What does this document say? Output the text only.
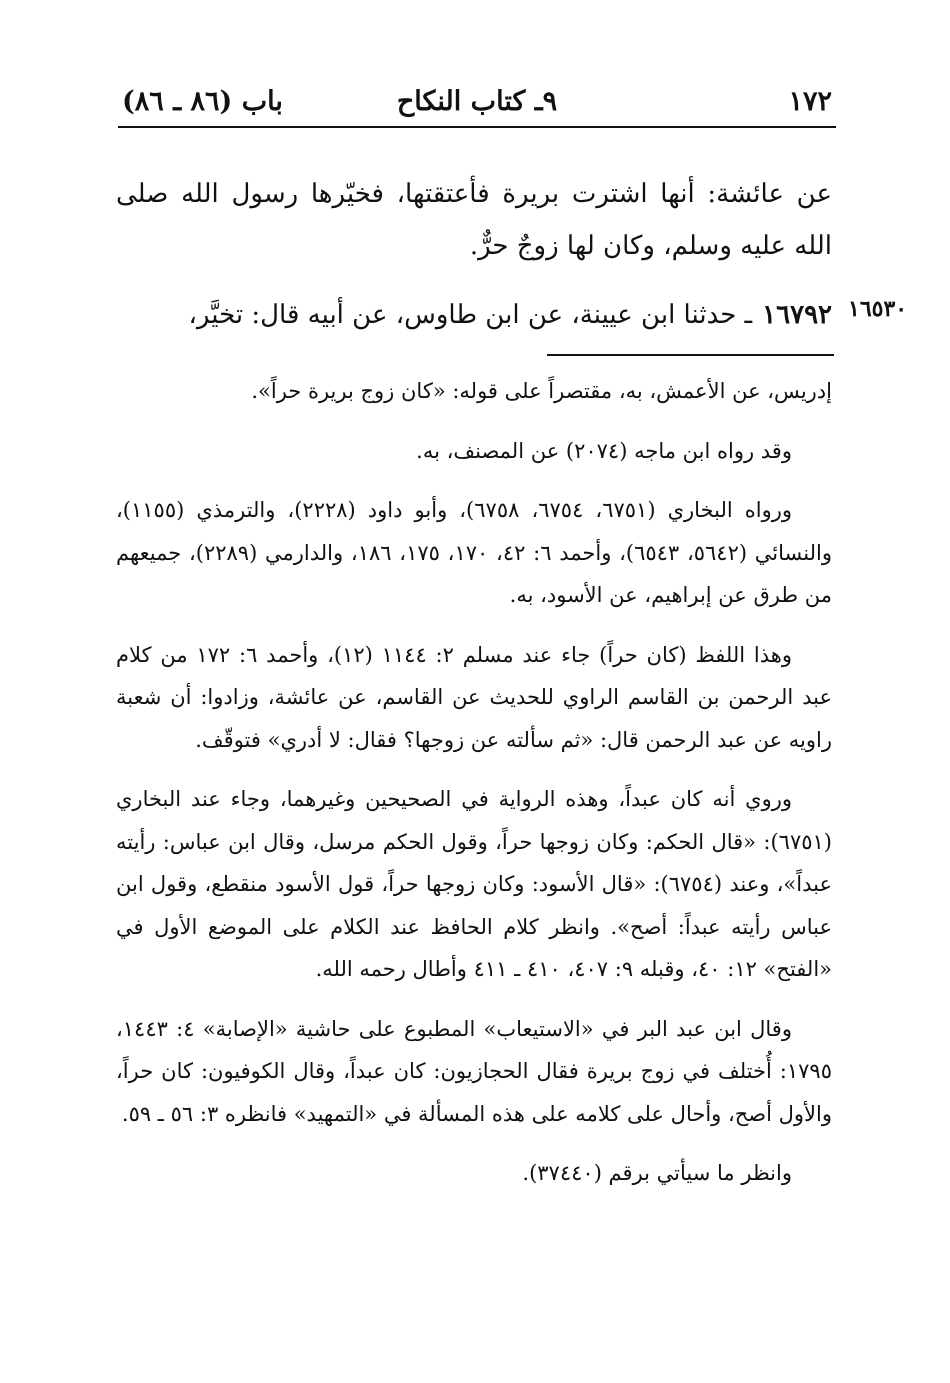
١٧٢
٩ـ كتاب النكاح
باب (٨٦ ـ ٨٦)
عن عائشة: أنها اشترت بريرة فأعتقتها، فخيّرها رسول الله صلى الله عليه وسلم، وكان لها زوجٌ حرٌّ.
١٦٧٩٢ـ حدثنا ابن عيينة، عن ابن طاوس، عن أبيه قال: تخيَّر،	١٦٥٣٠

إدريس، عن الأعمش، به، مقتصراً على قوله: «كان زوج بريرة حراً».

وقد رواه ابن ماجه (٢٠٧٤) عن المصنف، به.

ورواه البخاري (٦٧٥١، ٦٧٥٤، ٦٧٥٨)، وأبو داود (٢٢٢٨)، والترمذي (١١٥٥)، والنسائي (٥٦٤٢، ٦٥٤٣)، وأحمد ٦: ٤٢، ١٧٠، ١٧٥، ١٨٦، والدارمي (٢٢٨٩)، جميعهم من طرق عن إبراهيم، عن الأسود، به.

وهذا اللفظ (كان حراً) جاء عند مسلم ٢: ١١٤٤ (١٢)، وأحمد ٦: ١٧٢ من كلام عبد الرحمن بن القاسم الراوي للحديث عن القاسم، عن عائشة، وزادوا: أن شعبة راويه عن عبد الرحمن قال: «ثم سألته عن زوجها؟ فقال: لا أدري» فتوقّف.

وروي أنه كان عبداً، وهذه الرواية في الصحيحين وغيرهما، وجاء عند البخاري (٦٧٥١): «قال الحكم: وكان زوجها حراً، وقول الحكم مرسل، وقال ابن عباس: رأيته عبداً»، وعند (٦٧٥٤): «قال الأسود: وكان زوجها حراً، قول الأسود منقطع، وقول ابن عباس رأيته عبداً: أصح». وانظر كلام الحافظ عند الكلام على الموضع الأول في «الفتح» ١٢: ٤٠، وقبله ٩: ٤٠٧، ٤١٠ ـ ٤١١ وأطال رحمه الله.

وقال ابن عبد البر في «الاستيعاب» المطبوع على حاشية «الإصابة» ٤: ١٤٤٣، ١٧٩٥: أُختلف في زوج بريرة فقال الحجازيون: كان عبداً، وقال الكوفيون: كان حراً، والأول أصح، وأحال على كلامه على هذه المسألة في «التمهيد» فانظره ٣: ٥٦ ـ ٥٩.

وانظر ما سيأتي برقم (٣٧٤٤٠).
